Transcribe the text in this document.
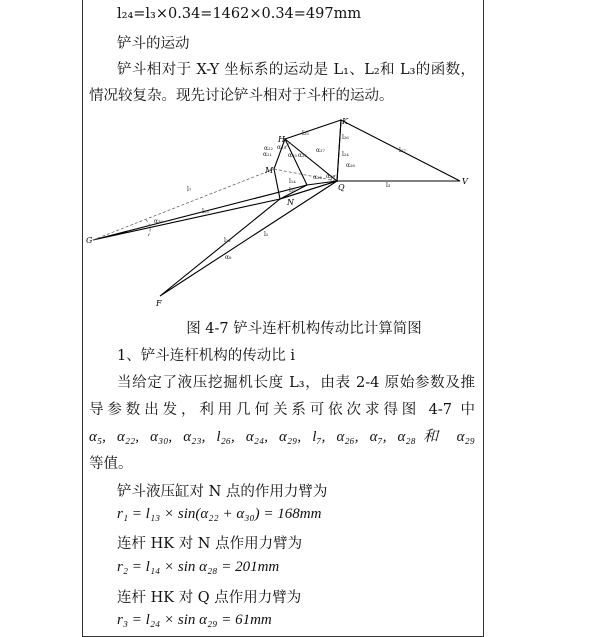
l₂₄=l₃×0.34=1462×0.34=497mm
铲斗的运动
铲斗相对于 X-Y 坐标系的运动是 L₁、L₂和 L₃的函数，
情况较复杂。现先讨论铲斗相对于斗杆的运动。
G
F
H
K
M
N
Q
V
l₇
l₁₃
l₁₂
l₂
α₈
α₃₀
l₂₅
l₂₆
l₂₄
l₃
l₂₇
l₁₄
l₁₅
α₂₁
α₂₃
α₂₄
α₂₅
α₂₆
α₂₇
α₂₈ α₂₉
α₂₂
图 4-7 铲斗连杆机构传动比计算简图
1、铲斗连杆机构的传动比 i
当给定了液压挖掘机长度 L₃，由表 2-4 原始参数及推
导参数出发，利用几何关系可依次求得图 4-7 中
α₅, α₂₂, α₃₀, α₂₃, l₂₆, α₂₄, α₂₉, l₇, α₂₆, α₇, α₂₈和 α₂₉
等值。
铲斗液压缸对 N 点的作用力臂为
r₁ = l₁₃ × sin(α₂₂ + α₃₀) = 168mm
连杆 HK 对 N 点作用力臂为
r₂ = l₁₄ × sin α₂₈ = 201mm
连杆 HK 对 Q 点作用力臂为
r₃ = l₂₄ × sin α₂₉ = 61mm
